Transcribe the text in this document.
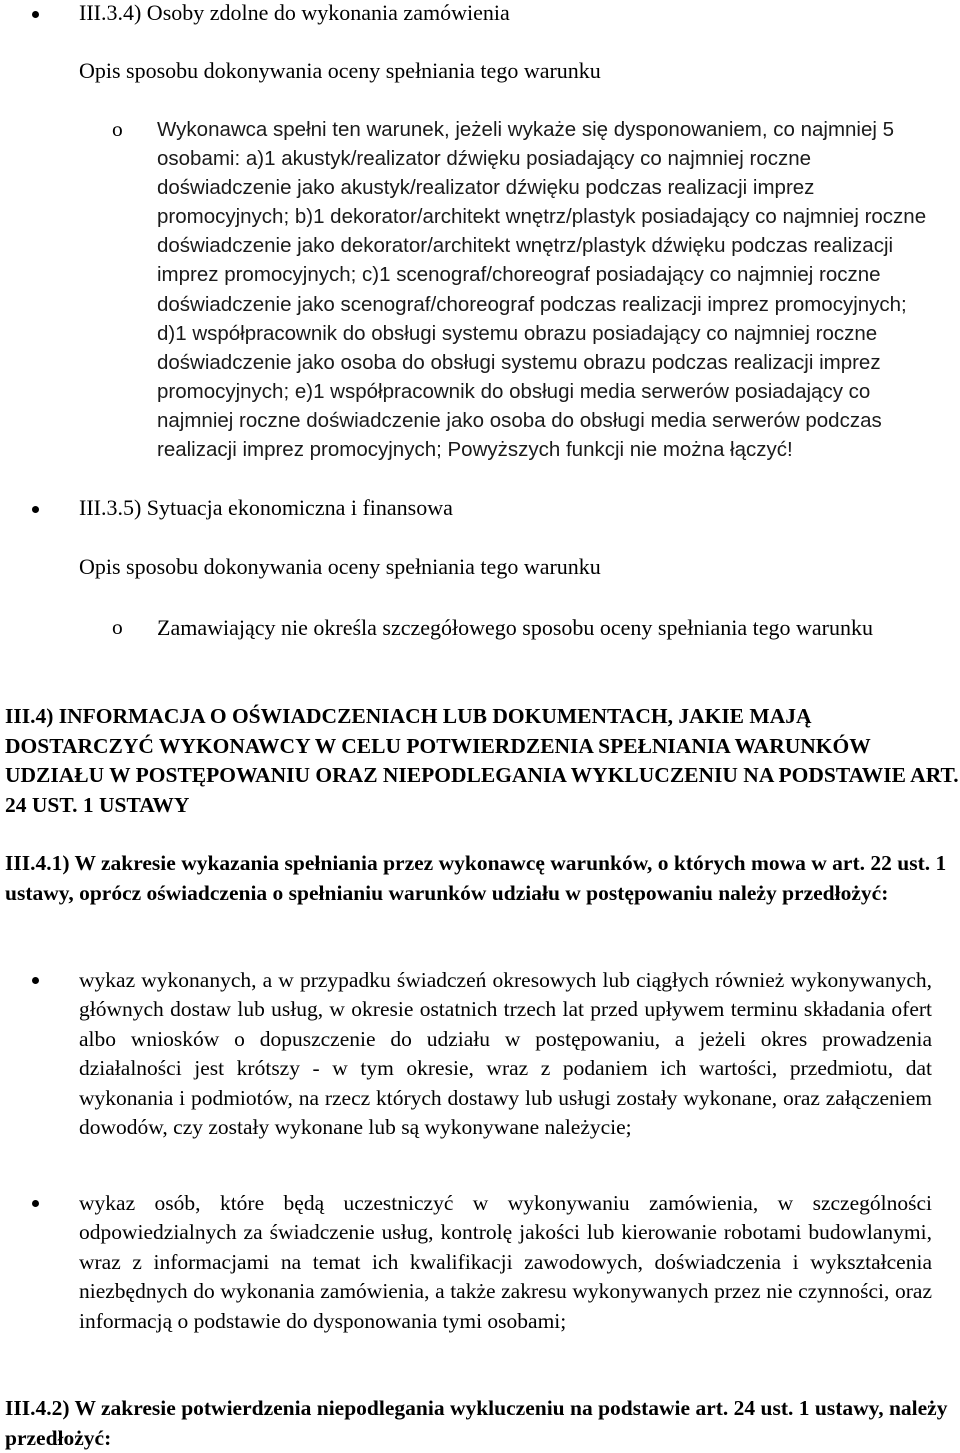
III.3.4) Osoby zdolne do wykonania zamówienia
Opis sposobu dokonywania oceny spełniania tego warunku
o Wykonawca spełni ten warunek, jeżeli wykaże się dysponowaniem, co najmniej 5 osobami: a)1 akustyk/realizator dźwięku posiadający co najmniej roczne doświadczenie jako akustyk/realizator dźwięku podczas realizacji imprez promocyjnych; b)1 dekorator/architekt wnętrz/plastyk posiadający co najmniej roczne doświadczenie jako dekorator/architekt wnętrz/plastyk dźwięku podczas realizacji imprez promocyjnych; c)1 scenograf/choreograf posiadający co najmniej roczne doświadczenie jako scenograf/choreograf podczas realizacji imprez promocyjnych; d)1 współpracownik do obsługi systemu obrazu posiadający co najmniej roczne doświadczenie jako osoba do obsługi systemu obrazu podczas realizacji imprez promocyjnych; e)1 współpracownik do obsługi media serwerów posiadający co najmniej roczne doświadczenie jako osoba do obsługi media serwerów podczas realizacji imprez promocyjnych; Powyższych funkcji nie można łączyć!
III.3.5) Sytuacja ekonomiczna i finansowa
Opis sposobu dokonywania oceny spełniania tego warunku
o Zamawiający nie określa szczegółowego sposobu oceny spełniania tego warunku
III.4) INFORMACJA O OŚWIADCZENIACH LUB DOKUMENTACH, JAKIE MAJĄ DOSTARCZYĆ WYKONAWCY W CELU POTWIERDZENIA SPEŁNIANIA WARUNKÓW UDZIAŁU W POSTĘPOWANIU ORAZ NIEPODLEGANIA WYKLUCZENIU NA PODSTAWIE ART. 24 UST. 1 USTAWY
III.4.1) W zakresie wykazania spełniania przez wykonawcę warunków, o których mowa w art. 22 ust. 1 ustawy, oprócz oświadczenia o spełnianiu warunków udziału w postępowaniu należy przedłożyć:
wykaz wykonanych, a w przypadku świadczeń okresowych lub ciągłych również wykonywanych, głównych dostaw lub usług, w okresie ostatnich trzech lat przed upływem terminu składania ofert albo wniosków o dopuszczenie do udziału w postępowaniu, a jeżeli okres prowadzenia działalności jest krótszy - w tym okresie, wraz z podaniem ich wartości, przedmiotu, dat wykonania i podmiotów, na rzecz których dostawy lub usługi zostały wykonane, oraz załączeniem dowodów, czy zostały wykonane lub są wykonywane należycie;
wykaz osób, które będą uczestniczyć w wykonywaniu zamówienia, w szczególności odpowiedzialnych za świadczenie usług, kontrolę jakości lub kierowanie robotami budowlanymi, wraz z informacjami na temat ich kwalifikacji zawodowych, doświadczenia i wykształcenia niezbędnych do wykonania zamówienia, a także zakresu wykonywanych przez nie czynności, oraz informacją o podstawie do dysponowania tymi osobami;
III.4.2) W zakresie potwierdzenia niepodlegania wykluczeniu na podstawie art. 24 ust. 1 ustawy, należy przedłożyć:
